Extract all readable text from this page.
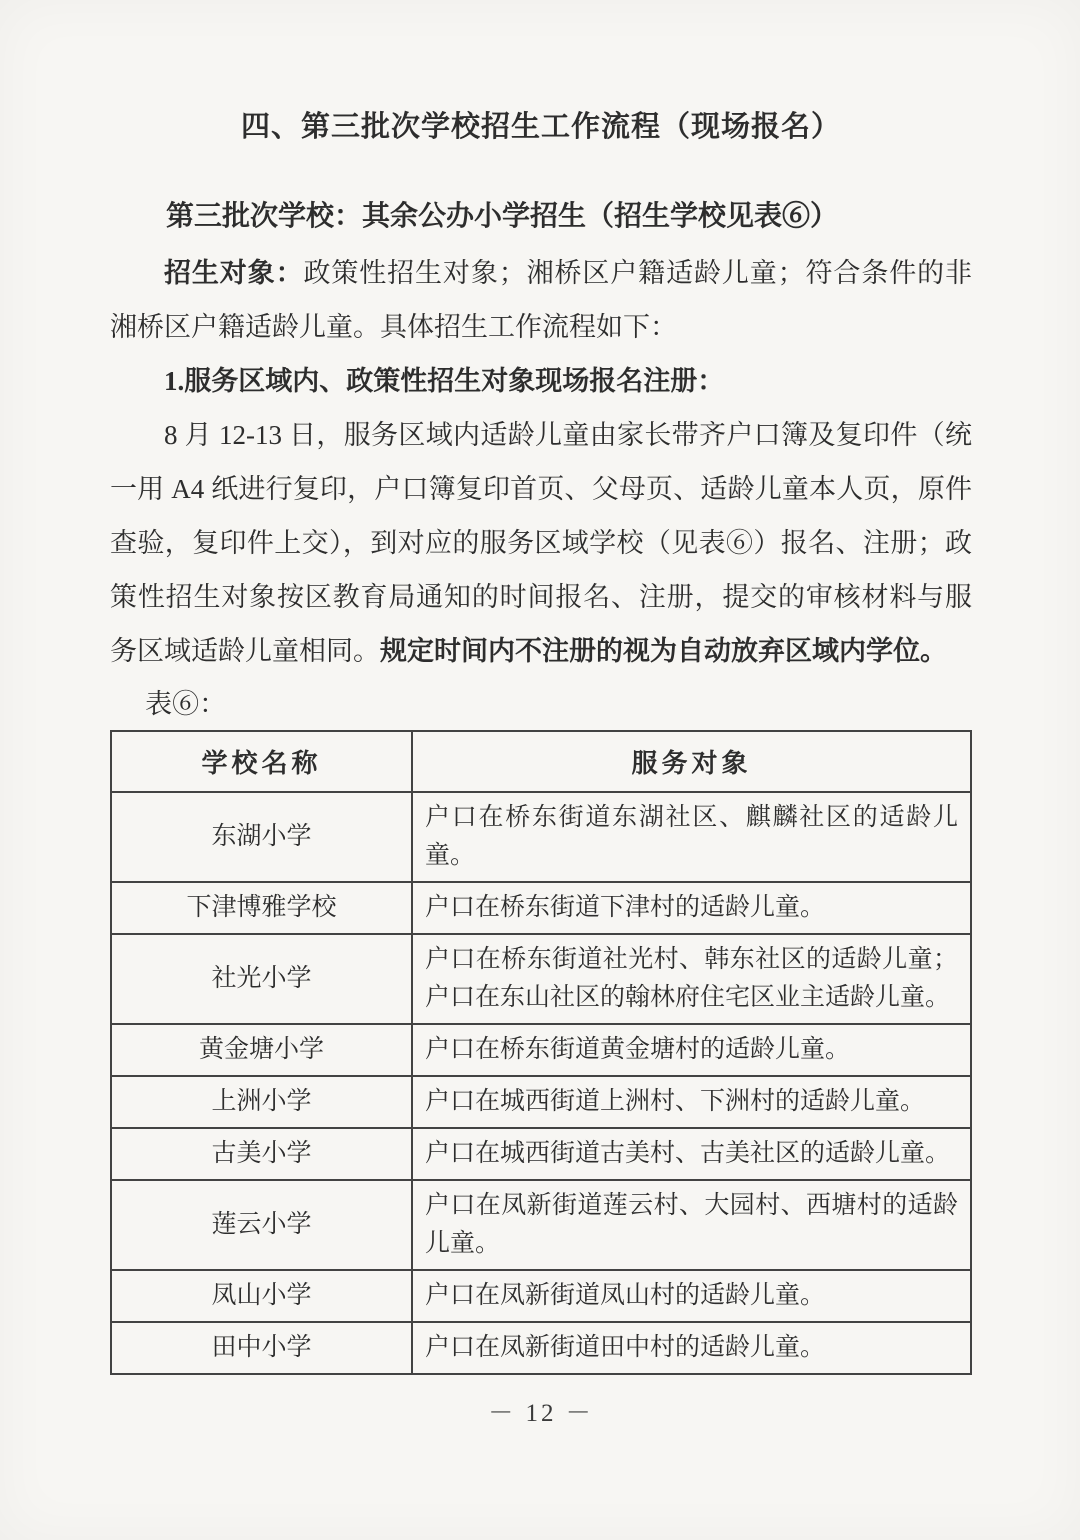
四、第三批次学校招生工作流程（现场报名）

第三批次学校：其余公办小学招生（招生学校见表⑥）

招生对象：政策性招生对象；湘桥区户籍适龄儿童；符合条件的非湘桥区户籍适龄儿童。具体招生工作流程如下：

1.服务区域内、政策性招生对象现场报名注册：

8 月 12-13 日，服务区域内适龄儿童由家长带齐户口簿及复印件（统一用 A4 纸进行复印，户口簿复印首页、父母页、适龄儿童本人页，原件查验，复印件上交），到对应的服务区域学校（见表⑥）报名、注册；政策性招生对象按区教育局通知的时间报名、注册，提交的审核材料与服务区域适龄儿童相同。规定时间内不注册的视为自动放弃区域内学位。

表⑥：

学校名称	服务对象
东湖小学	户口在桥东街道东湖社区、麒麟社区的适龄儿童。
下津博雅学校	户口在桥东街道下津村的适龄儿童。
社光小学	户口在桥东街道社光村、韩东社区的适龄儿童；户口在东山社区的翰林府住宅区业主适龄儿童。
黄金塘小学	户口在桥东街道黄金塘村的适龄儿童。
上洲小学	户口在城西街道上洲村、下洲村的适龄儿童。
古美小学	户口在城西街道古美村、古美社区的适龄儿童。
莲云小学	户口在凤新街道莲云村、大园村、西塘村的适龄儿童。
凤山小学	户口在凤新街道凤山村的适龄儿童。
田中小学	户口在凤新街道田中村的适龄儿童。
－ 12 －
